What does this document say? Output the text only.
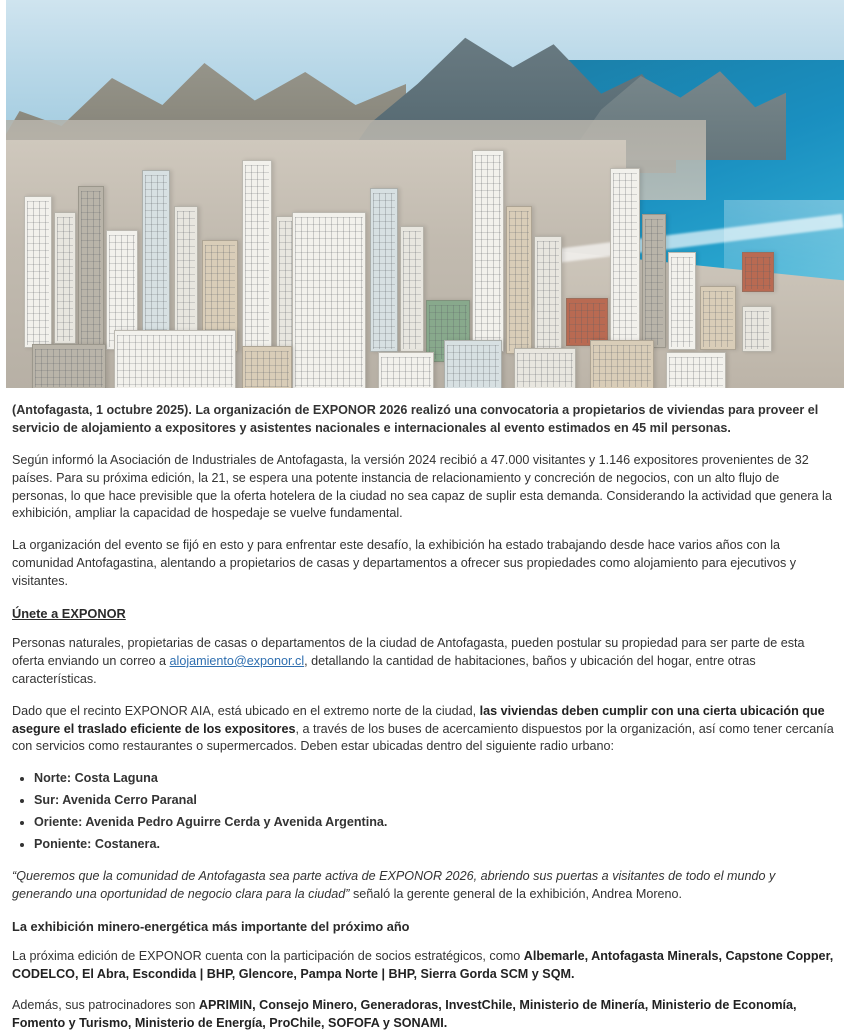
(Antofagasta, 1 octubre 2025). La organización de EXPONOR 2026 realizó una convocatoria a propietarios de viviendas para proveer el servicio de alojamiento a expositores y asistentes nacionales e internacionales al evento estimados en 45 mil personas.

Según informó la Asociación de Industriales de Antofagasta, la versión 2024 recibió a 47.000 visitantes y 1.146 expositores provenientes de 32 países. Para su próxima edición, la 21, se espera una potente instancia de relacionamiento y concreción de negocios, con un alto flujo de personas, lo que hace previsible que la oferta hotelera de la ciudad no sea capaz de suplir esta demanda. Considerando la actividad que genera la exhibición, ampliar la capacidad de hospedaje se vuelve fundamental.

La organización del evento se fijó en esto y para enfrentar este desafío, la exhibición ha estado trabajando desde hace varios años con la comunidad Antofagastina, alentando a propietarios de casas y departamentos a ofrecer sus propiedades como alojamiento para ejecutivos y visitantes.

Únete a EXPONOR

Personas naturales, propietarias de casas o departamentos de la ciudad de Antofagasta, pueden postular su propiedad para ser parte de esta oferta enviando un correo a alojamiento@exponor.cl, detallando la cantidad de habitaciones, baños y ubicación del hogar, entre otras características.

Dado que el recinto EXPONOR AIA, está ubicado en el extremo norte de la ciudad, las viviendas deben cumplir con una cierta ubicación que asegure el traslado eficiente de los expositores, a través de los buses de acercamiento dispuestos por la organización, así como tener cercanía con servicios como restaurantes o supermercados. Deben estar ubicadas dentro del siguiente radio urbano:

• Norte: Costa Laguna
• Sur: Avenida Cerro Paranal
• Oriente: Avenida Pedro Aguirre Cerda y Avenida Argentina.
• Poniente: Costanera.

“Queremos que la comunidad de Antofagasta sea parte activa de EXPONOR 2026, abriendo sus puertas a visitantes de todo el mundo y generando una oportunidad de negocio clara para la ciudad” señaló la gerente general de la exhibición, Andrea Moreno.

La exhibición minero-energética más importante del próximo año

La próxima edición de EXPONOR cuenta con la participación de socios estratégicos, como Albemarle, Antofagasta Minerals, Capstone Copper, CODELCO, El Abra, Escondida | BHP, Glencore, Pampa Norte | BHP, Sierra Gorda SCM y SQM.

Además, sus patrocinadores son APRIMIN, Consejo Minero, Generadoras, InvestChile, Ministerio de Minería, Ministerio de Economía, Fomento y Turismo, Ministerio de Energía, ProChile, SOFOFA y SONAMI.
